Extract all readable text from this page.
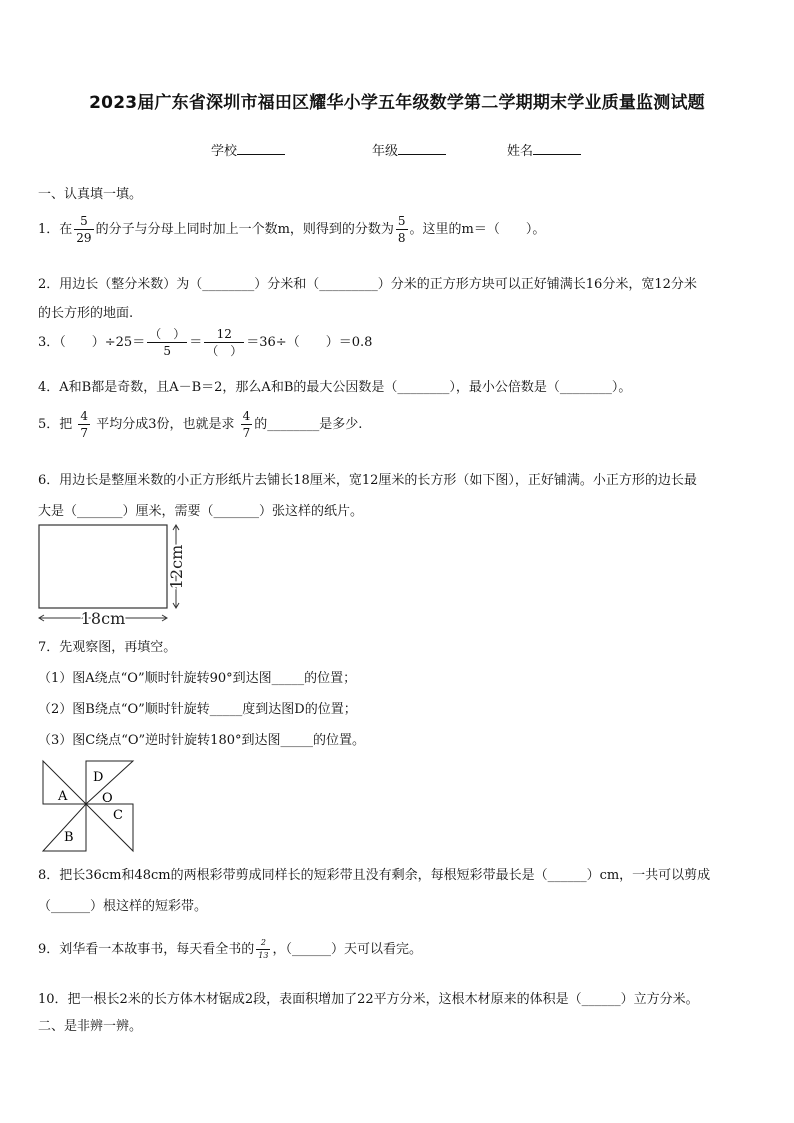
2023届广东省深圳市福田区耀华小学五年级数学第二学期期末学业质量监测试题
学校	年级	姓名
一、认真填一填。
1．在 $\frac{5}{29}$ 的分子与分母上同时加上一个数m，则得到的分数为 $\frac{5}{8}$ 。这里的m＝（　　）。
2．用边长（整分米数）为（________）分米和（_________）分米的正方形方块可以正好铺满长16分米，宽12分米
的长方形的地面.
3．（　　）$\div 25= \frac{( )}{5} = \frac{12}{( )} =36\div$（　　）＝0.8
4．A和B都是奇数，且A－B＝2，那么A和B的最大公因数是（________），最小公倍数是（________）。
5．把 $\frac{4}{7}$ 平均分成3份，也就是求 $\frac{4}{7}$ 的________是多少.
6．用边长是整厘米数的小正方形纸片去铺长18厘米，宽12厘米的长方形（如下图），正好铺满。小正方形的边长最
大是（_______）厘米，需要（_______）张这样的纸片。
18cm
12cm
7．先观察图，再填空。
（1）图A绕点“O”顺时针旋转90°到达图_____的位置；
（2）图B绕点“O”顺时针旋转_____度到达图D的位置；
（3）图C绕点“O”逆时针旋转180°到达图_____的位置。
A
B
C
D
O
8．把长36cm和48cm的两根彩带剪成同样长的短彩带且没有剩余，每根短彩带最长是（______）cm，一共可以剪成
（______）根这样的短彩带。
9．刘华看一本故事书，每天看全书的 $\frac{2}{13}$ ，（______）天可以看完。
10．把一根长2米的长方体木材锯成2段，表面积增加了22平方分米，这根木材原来的体积是（______）立方分米。
二、是非辨一辨。
